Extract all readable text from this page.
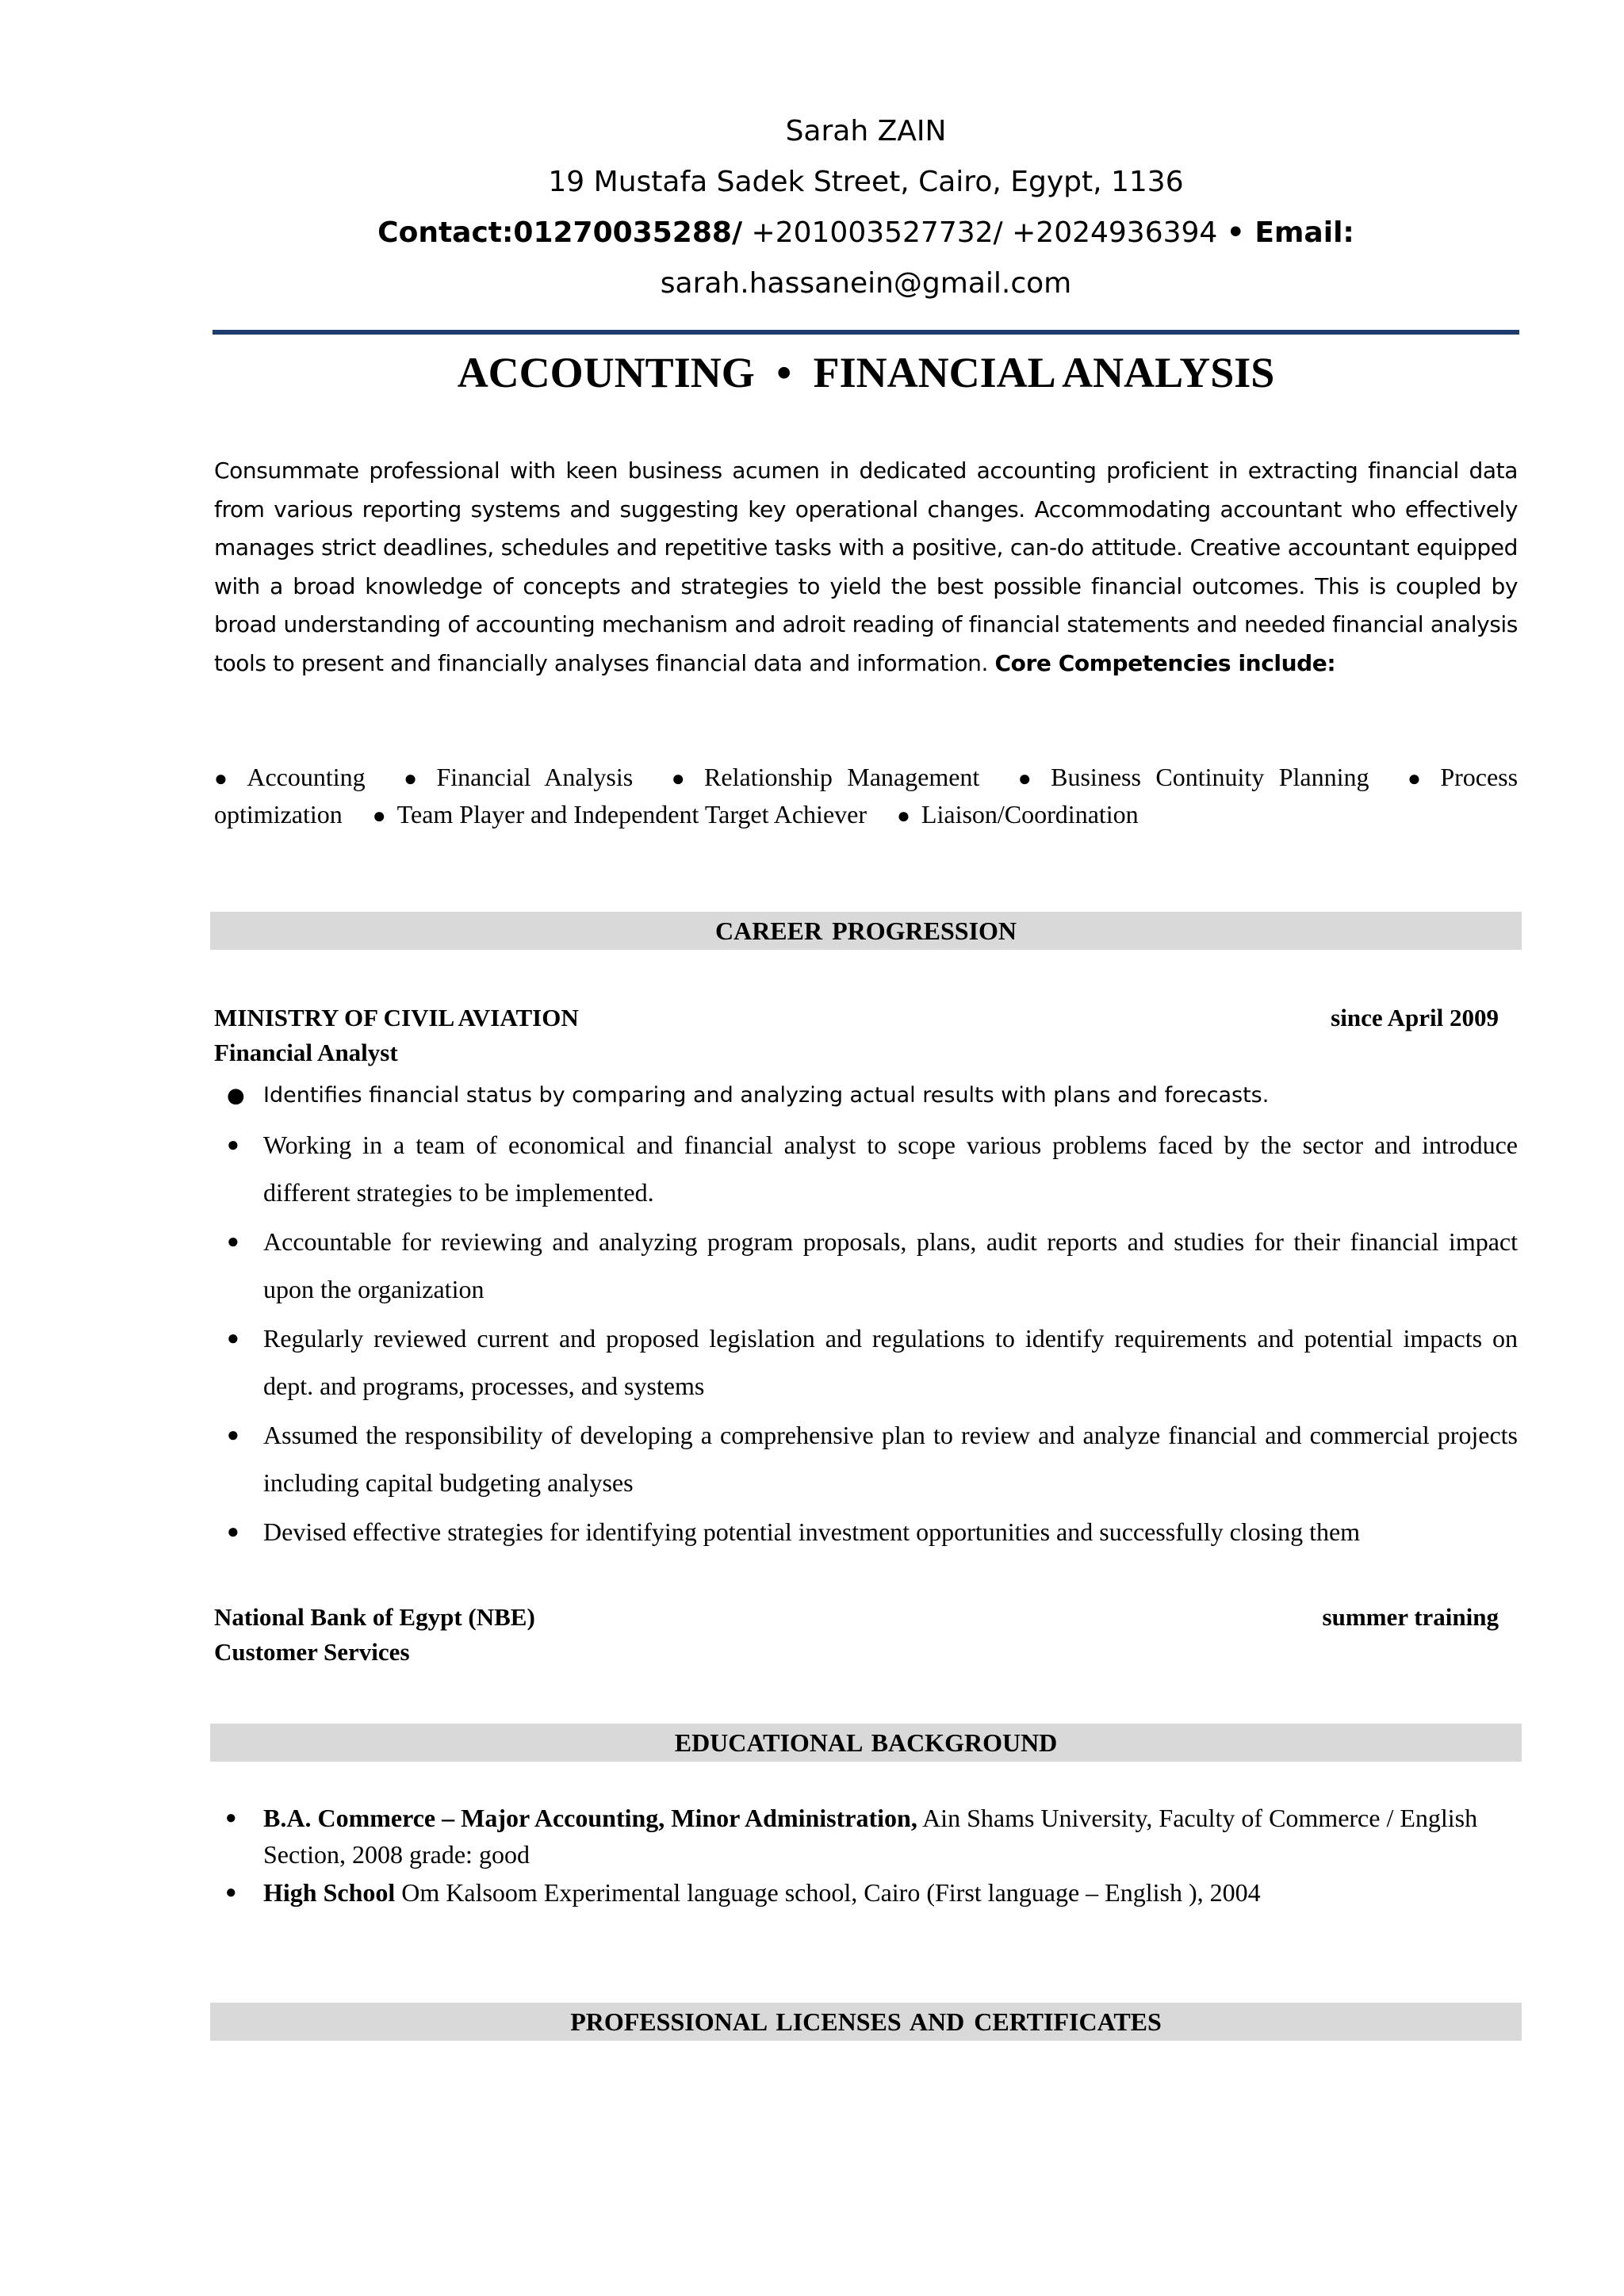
Sarah ZAIN
19 Mustafa Sadek Street, Cairo, Egypt, 1136
Contact:01270035288/ +201003527732/ +2024936394 • Email:
sarah.hassanein@gmail.com
ACCOUNTING • FINANCIAL ANALYSIS
Consummate professional with keen business acumen in dedicated accounting proficient in extracting financial data from various reporting systems and suggesting key operational changes. Accommodating accountant who effectively manages strict deadlines, schedules and repetitive tasks with a positive, can-do attitude. Creative accountant equipped with a broad knowledge of concepts and strategies to yield the best possible financial outcomes. This is coupled by broad understanding of accounting mechanism and adroit reading of financial statements and needed financial analysis tools to present and financially analyses financial data and information. Core Competencies include:
● Accounting ● Financial Analysis ● Relationship Management ● Business Continuity Planning ● Process optimization ● Team Player and Independent Target Achiever ● Liaison/Coordination
CAREER PROGRESSION
MINISTRY OF CIVIL AVIATION	since April 2009
Financial Analyst
● Identifies financial status by comparing and analyzing actual results with plans and forecasts.
● Working in a team of economical and financial analyst to scope various problems faced by the sector and introduce different strategies to be implemented.
● Accountable for reviewing and analyzing program proposals, plans, audit reports and studies for their financial impact upon the organization
● Regularly reviewed current and proposed legislation and regulations to identify requirements and potential impacts on dept. and programs, processes, and systems
● Assumed the responsibility of developing a comprehensive plan to review and analyze financial and commercial projects including capital budgeting analyses
● Devised effective strategies for identifying potential investment opportunities and successfully closing them
National Bank of Egypt (NBE)	summer training
Customer Services
EDUCATIONAL BACKGROUND
● B.A. Commerce – Major Accounting, Minor Administration, Ain Shams University, Faculty of Commerce / English Section, 2008 grade: good
● High School Om Kalsoom Experimental language school, Cairo (First language – English ), 2004
PROFESSIONAL LICENSES AND CERTIFICATES
